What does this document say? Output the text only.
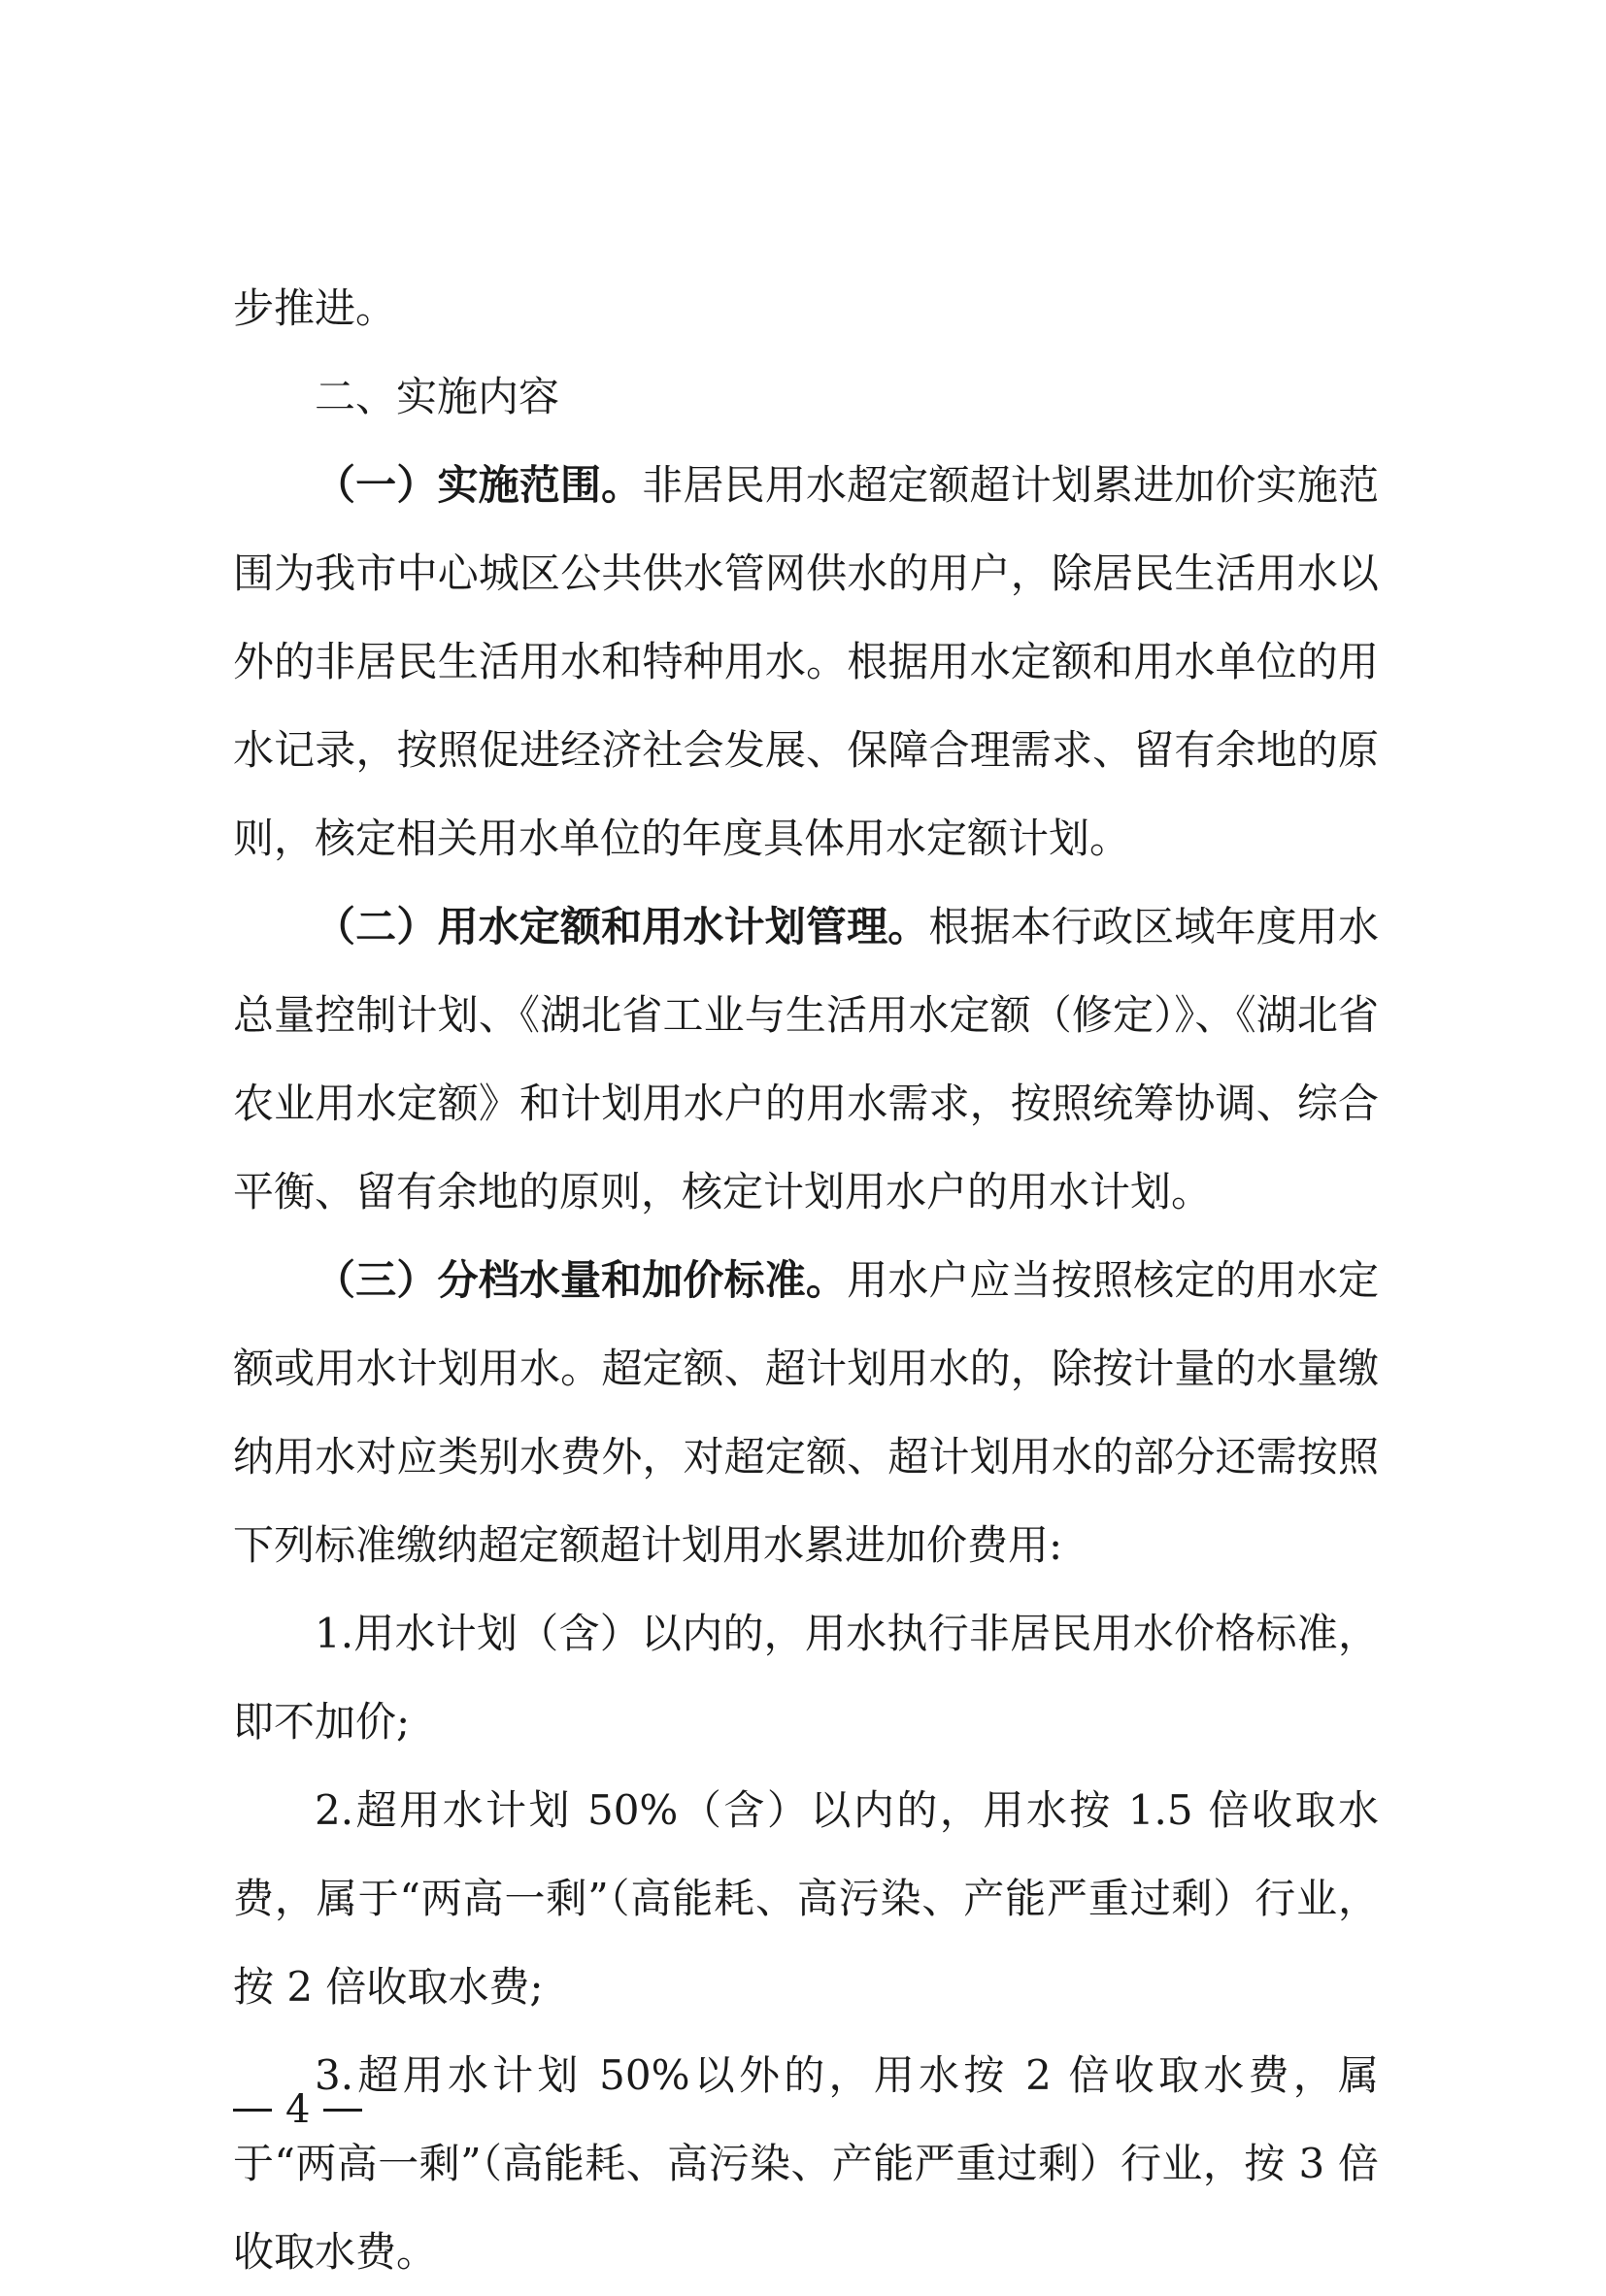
步推进。

二、实施内容

（一）实施范围。非居民用水超定额超计划累进加价实施范围为我市中心城区公共供水管网供水的用户，除居民生活用水以外的非居民生活用水和特种用水。根据用水定额和用水单位的用水记录，按照促进经济社会发展、保障合理需求、留有余地的原则，核定相关用水单位的年度具体用水定额计划。

（二）用水定额和用水计划管理。根据本行政区域年度用水总量控制计划、《湖北省工业与生活用水定额（修定）》、《湖北省农业用水定额》和计划用水户的用水需求，按照统筹协调、综合平衡、留有余地的原则，核定计划用水户的用水计划。

（三）分档水量和加价标准。用水户应当按照核定的用水定额或用水计划用水。超定额、超计划用水的，除按计量的水量缴纳用水对应类别水费外，对超定额、超计划用水的部分还需按照下列标准缴纳超定额超计划用水累进加价费用:

1.用水计划（含）以内的，用水执行非居民用水价格标准，即不加价;

2.超用水计划 50%（含）以内的，用水按 1.5 倍收取水费，属于“两高一剩”（高能耗、高污染、产能严重过剩）行业，按 2 倍收取水费;

3.超用水计划 50%以外的，用水按 2 倍收取水费，属于“两高一剩”（高能耗、高污染、产能严重过剩）行业，按 3 倍收取水费。

4
